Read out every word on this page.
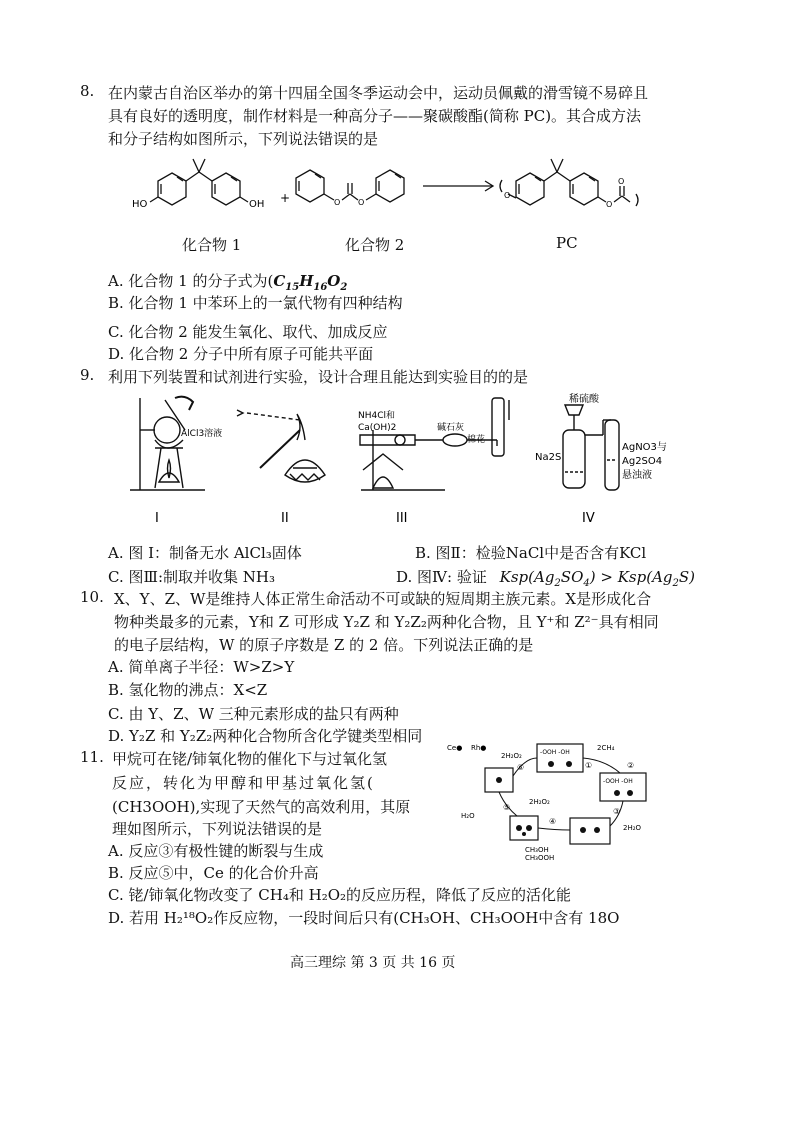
8. 在内蒙古自治区举办的第十四届全国冬季运动会中，运动员佩戴的滑雪镜不易碎且
具有良好的透明度，制作材料是一种高分子——聚碳酸酯(简称 PC)。其合成方法
和分子结构如图所示，下列说法错误的是
HO	OH +	O O
O
O
O
化合物 1	化合物 2	PC
A. 化合物 1 的分子式为($C_{15}H_{16}O_2$
B. 化合物 1 中苯环上的一氯代物有四种结构
C. 化合物 2 能发生氧化、取代、加成反应
D. 化合物 2 分子中所有原子可能共平面
9. 利用下列装置和试剂进行实验，设计合理且能达到实验目的的是
AlCl3溶液
NH4Cl和
Ca(OH)2	碱石灰
棉花
稀硫酸
Na2S
AgNO3与
Ag2SO4
悬浊液
I	II	III	IV
A. 图 I：制备无水 AlCl₃固体	B. 图Ⅱ：检验NaCl中是否含有KCl
C. 图Ⅲ:制取并收集 NH₃	D. 图Ⅳ: 验证 $Ksp(Ag_2SO_4) > Ksp(Ag_2S)$
10. X、Y、Z、W是维持人体正常生命活动不可或缺的短周期主族元素。X是形成化合
物种类最多的元素，Y和 Z 可形成 Y₂Z 和 Y₂Z₂两种化合物，且 Y⁺和 Z²⁻具有相同
的电子层结构，W 的原子序数是 Z 的 2 倍。下列说法正确的是
A. 简单离子半径：W>Z>Y
B. 氢化物的沸点：X<Z
C. 由 Y、Z、W 三种元素形成的盐只有两种
D. Y₂Z 和 Y₂Z₂两种化合物所含化学键类型相同
11. 甲烷可在铑/铈氧化物的催化下与过氧化氢
反应，转化为甲醇和甲基过氧化氢(
(CH3OOH),实现了天然气的高效利用，其原
理如图所示，下列说法错误的是
Ce● Rh●
-OOH -OH
-OOH -OH
2H₂O₂
2CH₄
2H₂O₂
H₂O
2H₂O
CH₃OH
CH₃OOH
①	②
③
④
⑤
⑥
A. 反应③有极性键的断裂与生成
B. 反应⑤中，Ce 的化合价升高
C. 铑/铈氧化物改变了 CH₄和 H₂O₂的反应历程，降低了反应的活化能
D. 若用 H₂¹⁸O₂作反应物，一段时间后只有(CH₃OH、CH₃OOH中含有 18O
高三理综 第 3 页 共 16 页
